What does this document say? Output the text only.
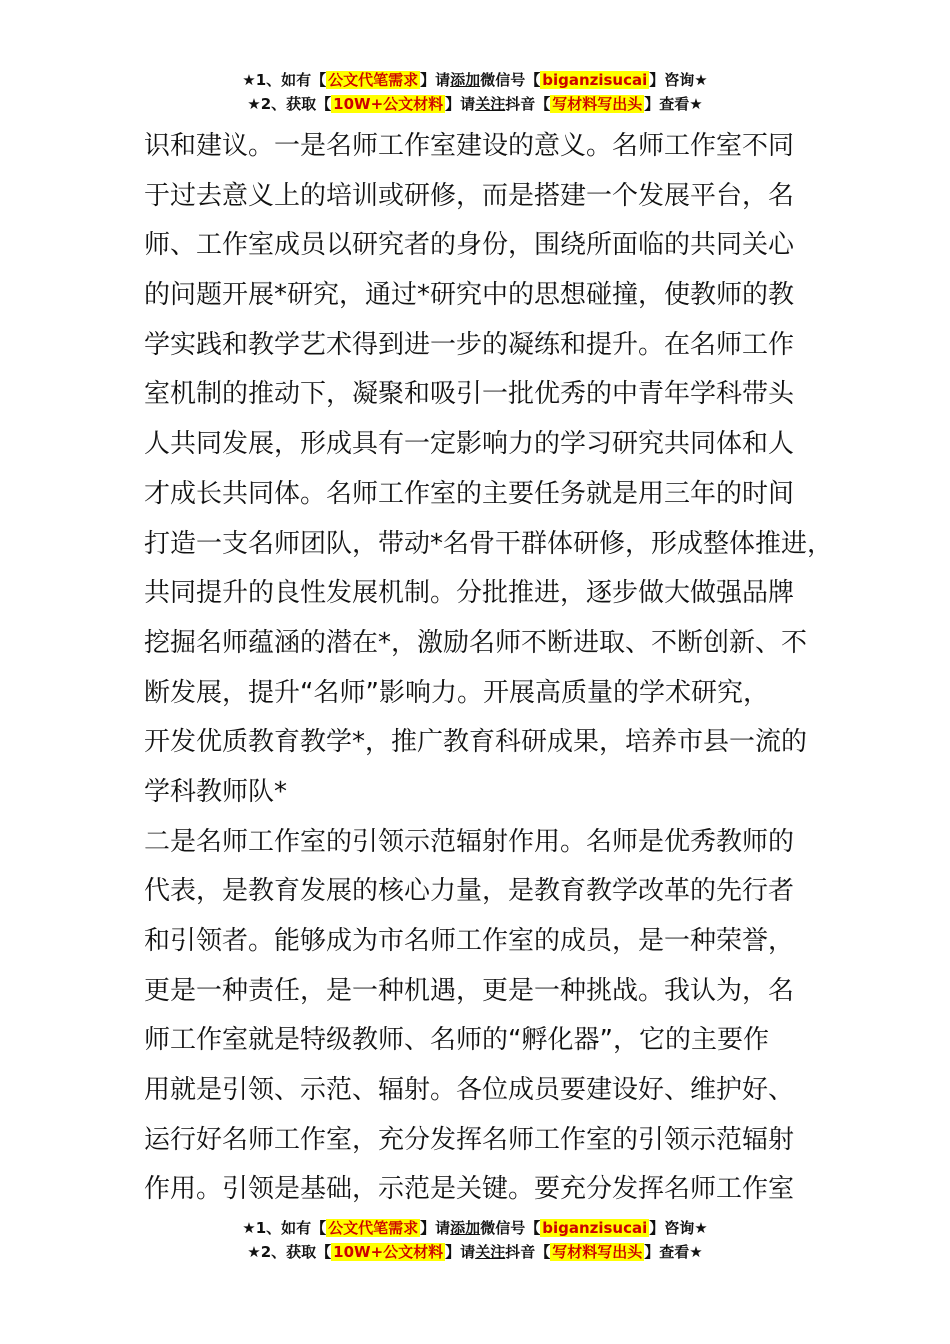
★1、如有【 公文代笔需求 】请添加微信号【 biganzisucai 】咨询★
★2、获取【 10W+公文材料 】请关注抖音【 写材料写出头 】查看★
识和建议。一是名师工作室建设的意义。名师工作室不同
于过去意义上的培训或研修，而是搭建一个发展平台，名
师、工作室成员以研究者的身份，围绕所面临的共同关心
的问题开展*研究，通过*研究中的思想碰撞，使教师的教
学实践和教学艺术得到进一步的凝练和提升。在名师工作
室机制的推动下，凝聚和吸引一批优秀的中青年学科带头
人共同发展，形成具有一定影响力的学习研究共同体和人
才成长共同体。名师工作室的主要任务就是用三年的时间
打造一支名师团队，带动*名骨干群体研修，形成整体推进，
共同提升的良性发展机制。分批推进，逐步做大做强品牌
挖掘名师蕴涵的潜在*，激励名师不断进取、不断创新、不
断发展，提升“名师”影响力。开展高质量的学术研究，
开发优质教育教学*，推广教育科研成果，培养市县一流的
学科教师队*
二是名师工作室的引领示范辐射作用。名师是优秀教师的
代表，是教育发展的核心力量，是教育教学改革的先行者
和引领者。能够成为市名师工作室的成员，是一种荣誉，
更是一种责任，是一种机遇，更是一种挑战。我认为，名
师工作室就是特级教师、名师的“孵化器”，它的主要作
用就是引领、示范、辐射。各位成员要建设好、维护好、
运行好名师工作室，充分发挥名师工作室的引领示范辐射
作用。引领是基础，示范是关键。要充分发挥名师工作室
★1、如有【 公文代笔需求 】请添加微信号【 biganzisucai 】咨询★
★2、获取【 10W+公文材料 】请关注抖音【 写材料写出头 】查看★
